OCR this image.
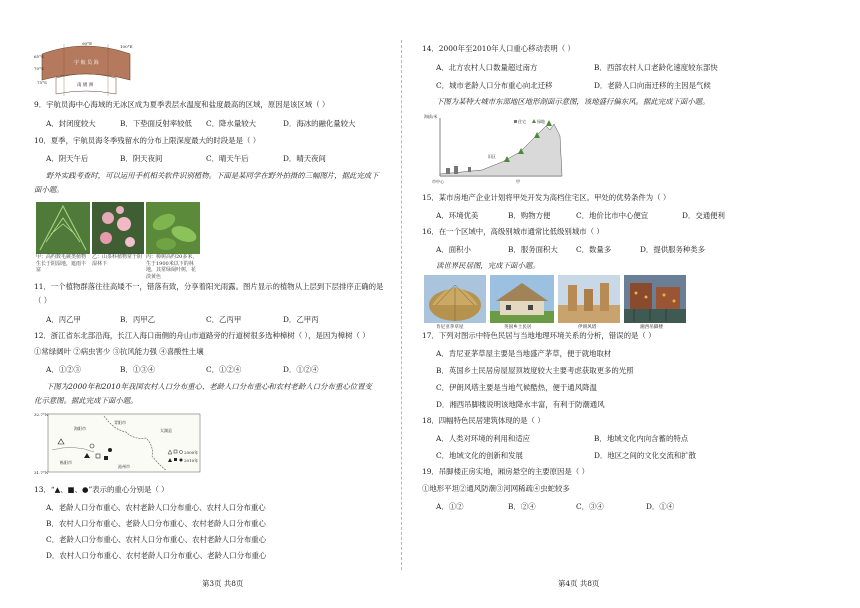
90°E
100°E
65°S
70°S
75°S
宇 航 员 海
南 极 洲
9．宇航员海中心海域的无冰区成为夏季表层水温度和盐度最高的区域，原因是该区域（ ）
A．封闭度较大	B．下垫面反射率较低 C．降水量较大	D．海冰的融化量较大
10．夏季，宇航员海冬季残留水的分布上限深度最大的时段是是（ ）
A．阴天午后	B．阴天夜间	C．晴天午后	D．晴天夜间
野外实践考查时，可以运用手机相关软件识别植物。下面是某同学在野外拍摄的三幅图片，据此完成下
面小题。
甲：高约数毛蕨类植物生长于阴湿地，遮雨丰富
乙：山茶科植物常于阴湿林下
丙：樟树高约20多米，生于1900米以下的林地，其常绿阔叶树，花淡黄色
11．一个植物群落往往高矮不一，错落有致，分享着阳光雨露。图片显示的植物从上层到下层排序正确的是
（ ）
A．丙乙甲	B．丙甲乙	C．乙丙甲	D．乙甲丙
12．浙江省东北部沿海，长江入海口南侧的舟山市道路旁的行道树很多选种樟树（ ），是因为樟树（ ）
①常绿阔叶 ②病虫害少 ③抗风能力强 ④喜酸性土壤
A．①②③	B．①③④	C．①②④	D．①②④
下图为2000年和2010年我国农村人口分布重心、老龄人口分布重心和农村老龄人口分布重心位置变
化示意图。据此完成下面小题。
32.7°N
31.7°N
海阳市
青阳市
枞阳市
池州市
太湖县
2000年
2010年
13．“▲、■、●”表示的重心分别是（ ）
A．老龄人口分布重心、农村老龄人口分布重心、农村人口分布重心
B．农村人口分布重心、老龄人口分布重心、农村老龄人口分布重心
C．老龄人口分布重心、农村人口分布重心、农村老龄人口分布重心
D．农村人口分布重心、农村老龄人口分布重心、老龄人口分布重心
第3页 共8页
14．2000年至2010年人口重心移动表明（ ）
A．北方农村人口数量超过南方	B．西部农村人口老龄化速度较东部快
C．城市老龄人口分布重心向北迁移	D．老龄人口向南迁移的主因是气候
下图为某特大城市东部地区地形剖面示意图，该地盛行偏东风。据此完成下面小题。
住宅	绿地
海拔/米
旧区
市中心	甲
15．某市房地产企业计划将甲处开发为高档住宅区。甲处的优势条件为（ ）
A．环境优美	B．购物方便	C．地价比市中心便宜	D．交通便利
16．在一个区域中，高级别城市通常比低级别城市（ ）
A．面积小	B．服务面积大 C．数量多	D．提供服务种类多
读世界民居图，完成下面小题。
肯尼亚茅草屋	英国乡土民居	伊朗风塔	湘西吊脚楼
17．下列对图示中特色民居与当地地理环境关系的分析，错误的是（ ）
A．肯尼亚茅草屋主要是当地盛产茅草，便于就地取材
B．英国乡土民居房屋屋顶坡度较大主要考虑获取更多的光照
C．伊朗风塔主要是当地气候酷热，便于通风降温
D．湘西吊脚楼说明该地降水丰富，有利于防潮通风
18．四幅特色民居建筑体现的是（ ）
A．人类对环境的利用和适应	B．地域文化内向含蓄的特点
C．地域文化的创新和发展	D．地区之间的文化交流和扩散
19．吊脚楼正房实地，厢房悬空的主要原因是（ ）
①地形平坦②通风防潮③河网稀疏④虫蛇较多
A．①②	B．②④	C．③④	D．①④
第4页 共8页
